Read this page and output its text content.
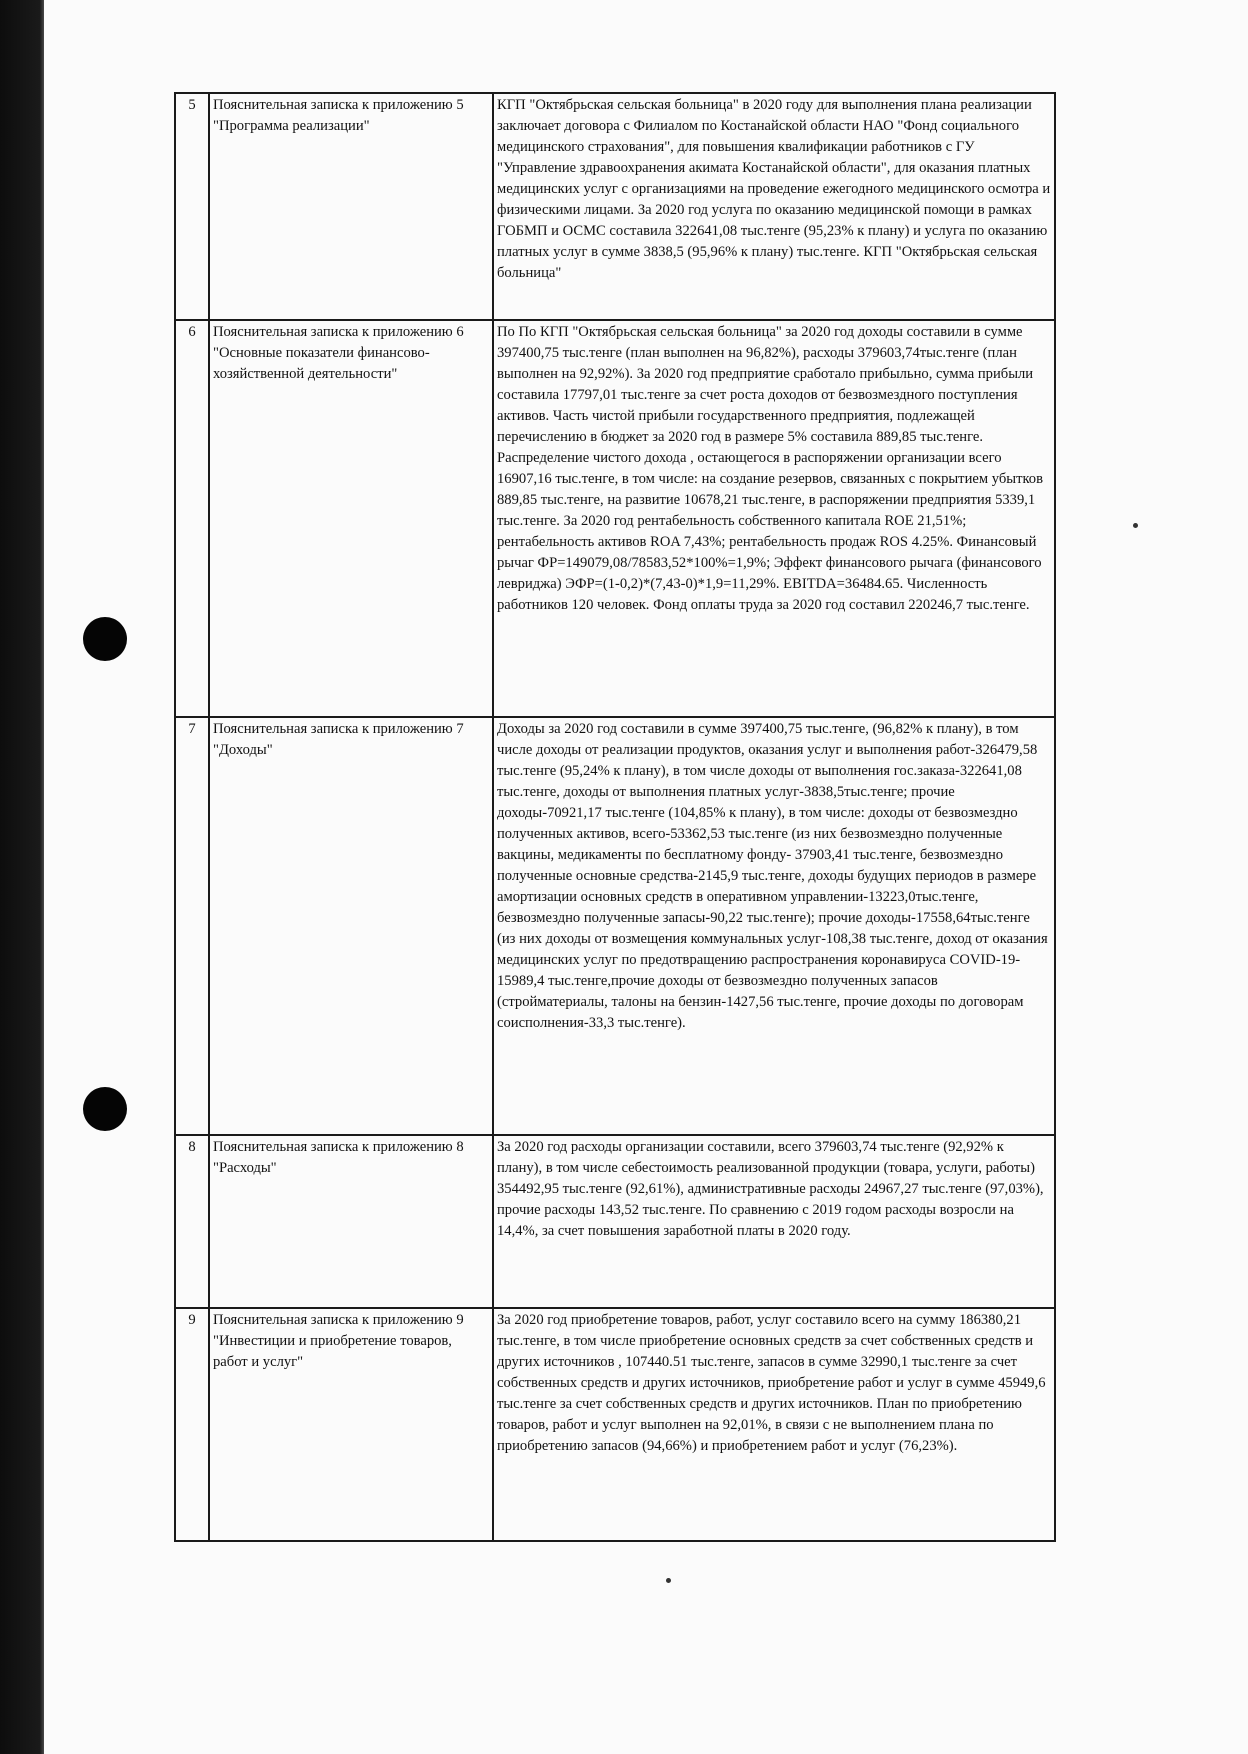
5	Пояснительная записка к приложению 5 "Программа реализации"	КГП "Октябрьская сельская больница" в 2020 году для выполнения плана реализации заключает договора с Филиалом по Костанайской области НАО "Фонд социального медицинского страхования", для повышения квалификации работников с ГУ "Управление здравоохранения акимата Костанайской области", для оказания платных медицинских услуг с организациями на проведение ежегодного медицинского осмотра и физическими лицами. За 2020 год услуга по оказанию медицинской помощи в рамках ГОБМП и ОСМС составила 322641,08 тыс.тенге (95,23% к плану) и услуга по оказанию платных услуг в сумме 3838,5 (95,96% к плану) тыс.тенге. КГП "Октябрьская сельская больница"
6	Пояснительная записка к приложению 6 "Основные показатели финансово-хозяйственной деятельности"	По По КГП "Октябрьская сельская больница" за 2020 год доходы составили в сумме 397400,75 тыс.тенге (план выполнен на 96,82%), расходы 379603,74тыс.тенге (план выполнен на 92,92%). За 2020 год предприятие сработало прибыльно, сумма прибыли составила 17797,01 тыс.тенге за счет роста доходов от безвозмездного поступления активов. Часть чистой прибыли государственного предприятия, подлежащей перечислению в бюджет за 2020 год в размере 5% составила 889,85 тыс.тенге. Распределение чистого дохода , остающегося в распоряжении организации всего 16907,16 тыс.тенге, в том числе: на создание резервов, связанных с покрытием убытков 889,85 тыс.тенге, на развитие 10678,21 тыс.тенге, в распоряжении предприятия 5339,1 тыс.тенге. За 2020 год рентабельность собственного капитала ROE 21,51%; рентабельность активов ROA 7,43%; рентабельность продаж ROS 4.25%. Финансовый рычаг ФР=149079,08/78583,52*100%=1,9%; Эффект финансового рычага (финансового левриджа) ЭФР=(1-0,2)*(7,43-0)*1,9=11,29%. EBITDA=36484.65. Численность работников 120 человек. Фонд оплаты труда за 2020 год составил 220246,7 тыс.тенге.
7	Пояснительная записка к приложению 7 "Доходы"	Доходы за 2020 год составили в сумме 397400,75 тыс.тенге, (96,82% к плану), в том числе доходы от реализации продуктов, оказания услуг и выполнения работ-326479,58 тыс.тенге (95,24% к плану), в том числе доходы от выполнения гос.заказа-322641,08 тыс.тенге, доходы от выполнения платных услуг-3838,5тыс.тенге; прочие доходы-70921,17 тыс.тенге (104,85% к плану), в том числе: доходы от безвозмездно полученных активов, всего-53362,53 тыс.тенге (из них безвозмездно полученные вакцины, медикаменты по бесплатному фонду- 37903,41 тыс.тенге, безвозмездно полученные основные средства-2145,9 тыс.тенге, доходы будущих периодов в размере амортизации основных средств в оперативном управлении-13223,0тыс.тенге, безвозмездно полученные запасы-90,22 тыс.тенге); прочие доходы-17558,64тыс.тенге (из них доходы от возмещения коммунальных услуг-108,38 тыс.тенге, доход от оказания медицинских услуг по предотвращению распространения коронавируса COVID-19-15989,4 тыс.тенге,прочие доходы от безвозмездно полученных запасов (стройматериалы, талоны на бензин-1427,56 тыс.тенге, прочие доходы по договорам соисполнения-33,3 тыс.тенге).
8	Пояснительная записка к приложению 8 "Расходы"	За 2020 год расходы организации составили, всего 379603,74 тыс.тенге (92,92% к плану), в том числе себестоимость реализованной продукции (товара, услуги, работы) 354492,95 тыс.тенге (92,61%), административные расходы 24967,27 тыс.тенге (97,03%), прочие расходы 143,52 тыс.тенге. По сравнению с 2019 годом расходы возросли на 14,4%, за счет повышения заработной платы в 2020 году.
9	Пояснительная записка к приложению 9 "Инвестиции и приобретение товаров, работ и услуг"	За 2020 год приобретение товаров, работ, услуг составило всего на сумму 186380,21 тыс.тенге, в том числе приобретение основных средств за счет собственных средств и других источников , 107440.51 тыс.тенге, запасов в сумме 32990,1 тыс.тенге за счет собственных средств и других источников, приобретение работ и услуг в сумме 45949,6 тыс.тенге за счет собственных средств и других источников. План по приобретению товаров, работ и услуг выполнен на 92,01%, в связи с не выполнением плана по приобретению запасов (94,66%) и приобретением работ и услуг (76,23%).
